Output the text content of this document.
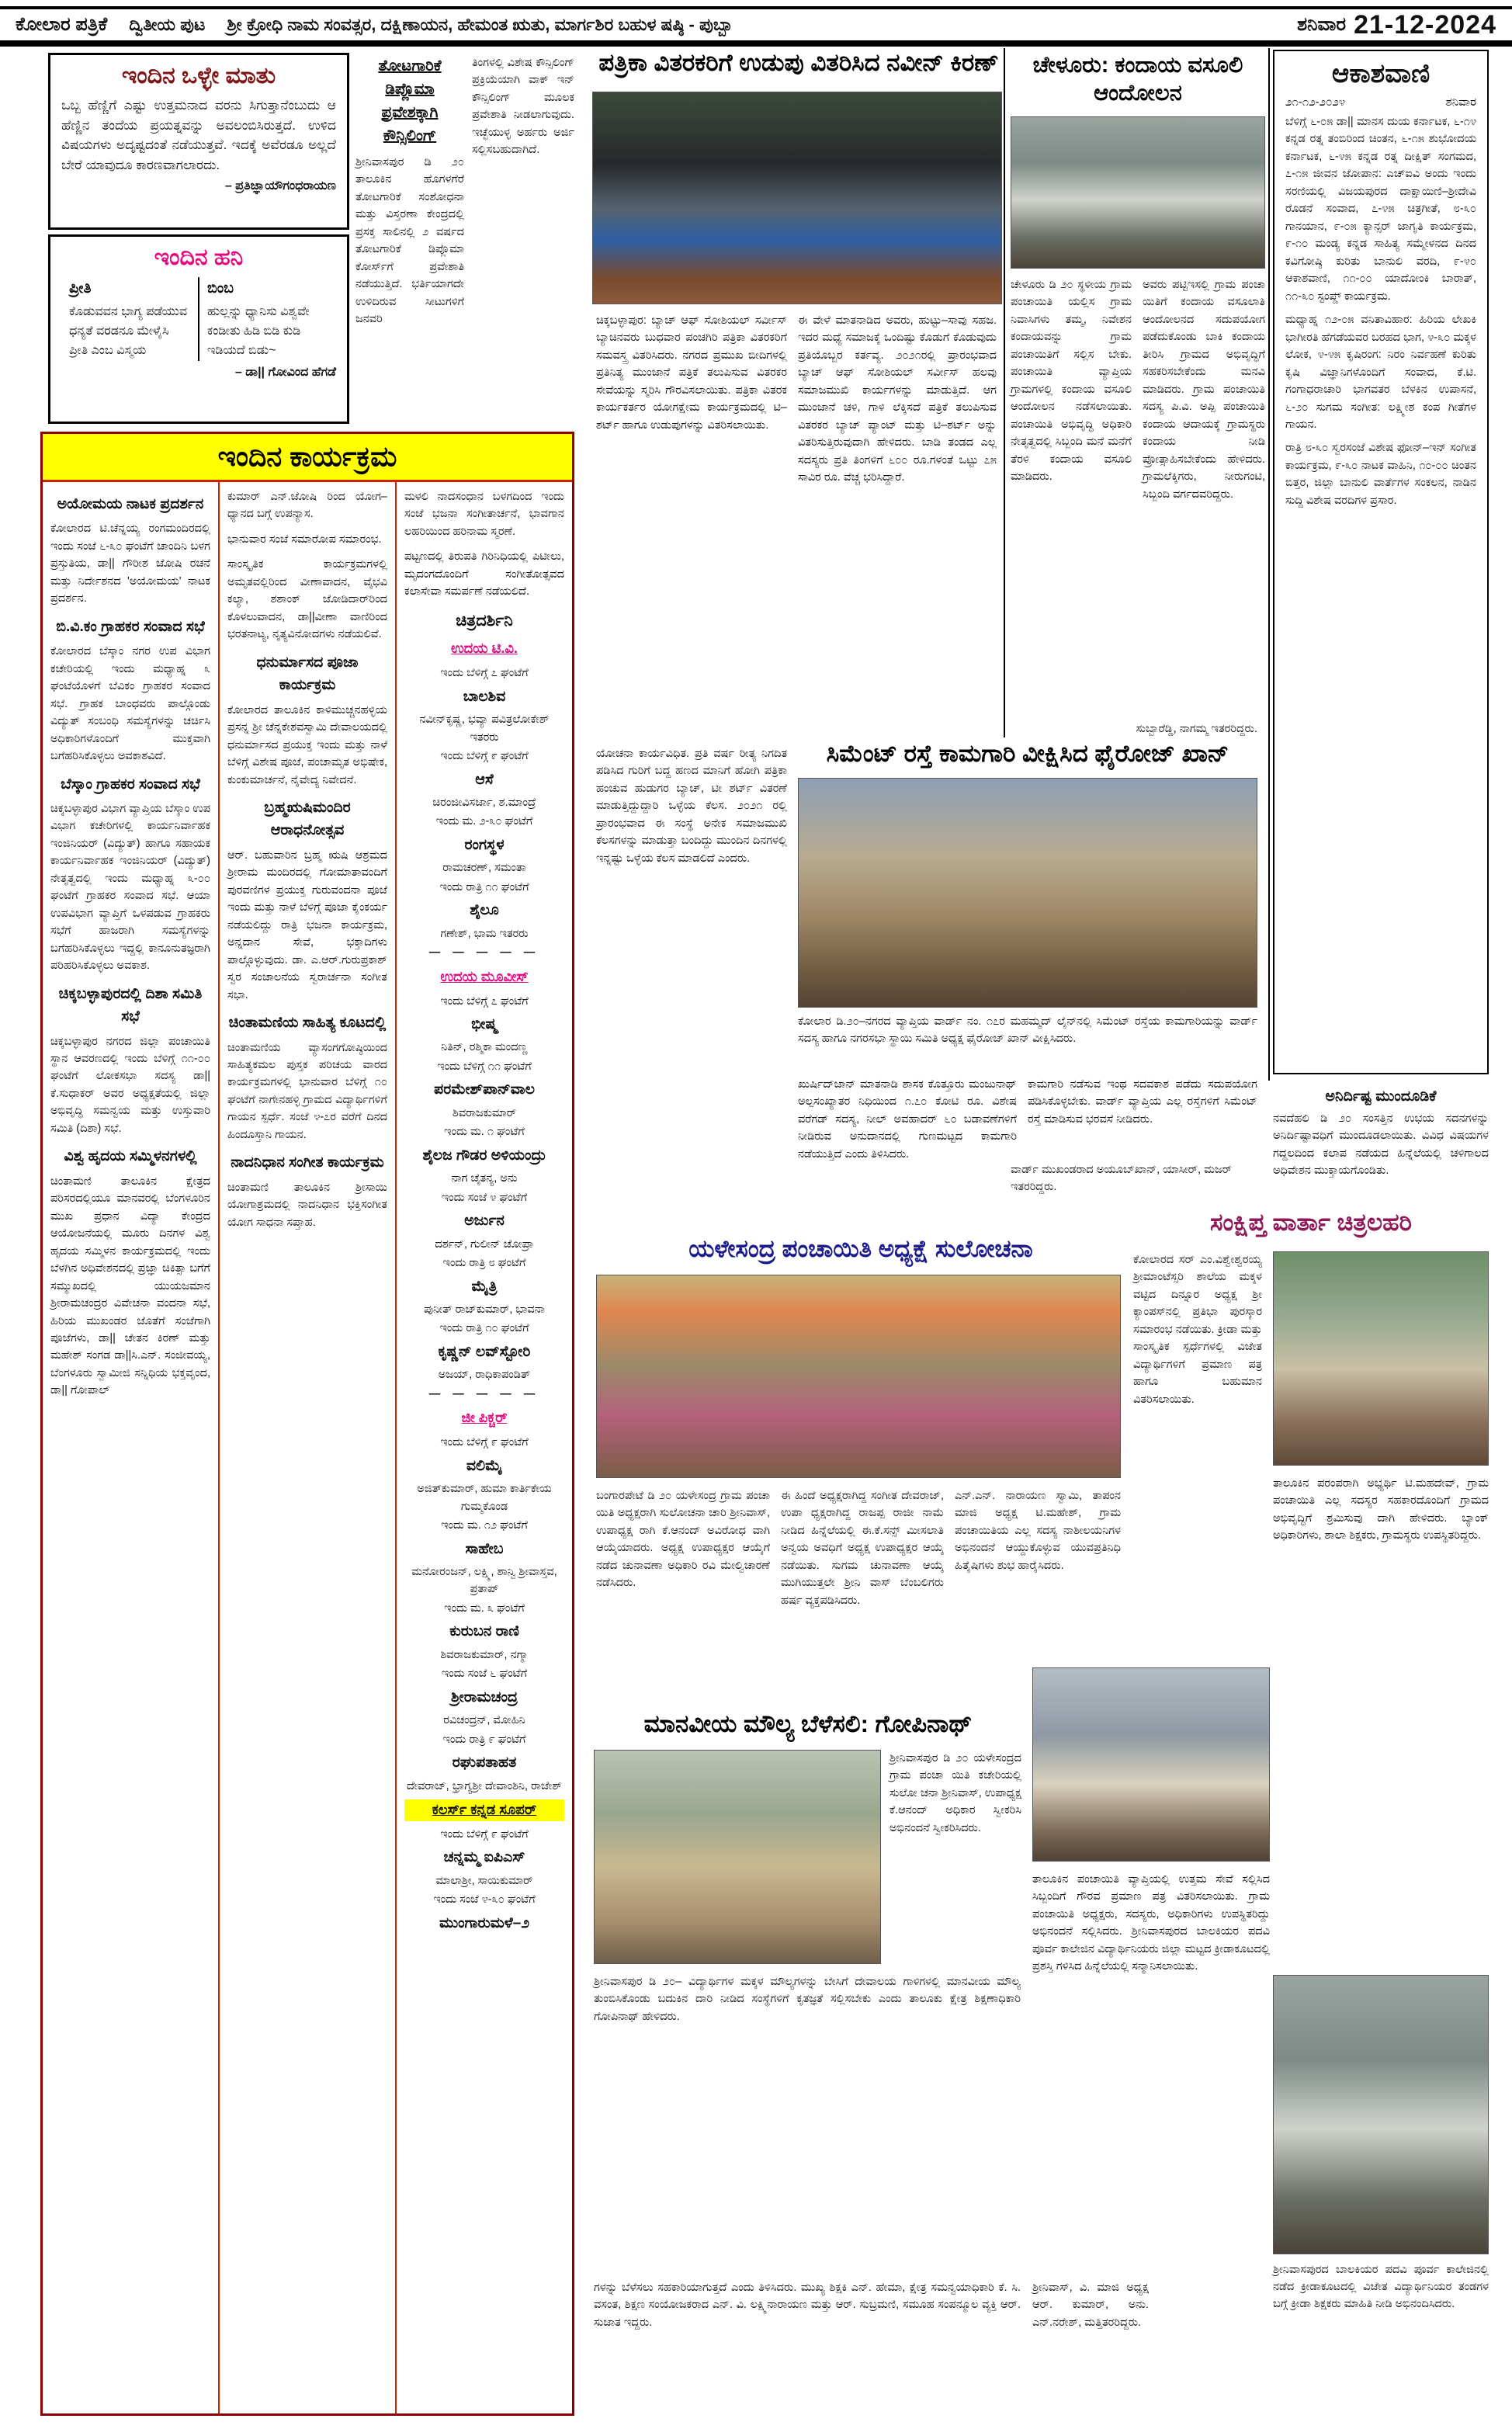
ಕೋಲಾರ ಪತ್ರಿಕೆ ದ್ವಿತೀಯ ಪುಟ ಶ್ರೀ ಕ್ರೋಧಿ ನಾಮ ಸಂವತ್ಸರ, ದಕ್ಷಿಣಾಯನ, ಹೇಮಂತ ಋತು, ಮಾರ್ಗಶಿರ ಬಹುಳ ಷಷ್ಠಿ - ಪುಬ್ಬಾ	ಶನಿವಾರ 21-12-2024
ಇಂದಿನ ಒಳ್ಳೇ ಮಾತು
ಒಬ್ಬ ಹೆಣ್ಣಿಗೆ ಎಷ್ಟು ಉತ್ತಮನಾದ ವರನು ಸಿಗುತ್ತಾನೆಂಬುದು ಆ ಹೆಣ್ಣಿನ ತಂದೆಯ ಪ್ರಯತ್ನವನ್ನು ಅವಲಂಬಿಸಿರುತ್ತದೆ. ಉಳಿದ ವಿಷಯಗಳು ಅದೃಷ್ಟದಂತೆ ನಡೆಯುತ್ತವೆ. ಇದಕ್ಕೆ ಅವೆರಡೂ ಅಲ್ಲದೆ ಬೇರೆ ಯಾವುದೂ ಕಾರಣವಾಗಲಾರದು.
– ಪ್ರತಿಜ್ಞಾಯೌಗಂಧರಾಯಣ
ಇಂದಿನ ಹನಿ
ಪ್ರೀತಿ
ಕೊಡುವವನ ಭಾಗ್ಯ ಪಡೆಯುವ ಧನ್ಯತೆ ವರಡನೂ ಮೇಳೈಸಿ ಪ್ರೀತಿ ಎಂಬ ವಿಸ್ಮಯ
ಬಿಂಬ
ಹುಲ್ಲನ್ನು ಧ್ಯಾನಿಸು ವಿಶ್ವವೇ ಕಂಡೀತು ಹಿಡಿ ಬಿಡಿ ಕುಡಿ ಇಡಿಯದೆ ಬಿಡು~
– ಡಾ|| ಗೋವಿಂದ ಹೆಗಡೆ
ತೋಟಗಾರಿಕೆ ಡಿಪ್ಲೊಮಾ ಪ್ರವೇಶಕ್ಕಾಗಿ ಕೌನ್ಸಿಲಿಂಗ್
ಶ್ರೀನಿವಾಸಪುರ ಡಿ ೨೦ ತಾಲೂಕಿನ ಹೊಗಳಗೆರೆ ತೋಟಗಾರಿಕೆ ಸಂಶೋಧನಾ ಮತ್ತು ವಿಸ್ತರಣಾ ಕೇಂದ್ರದಲ್ಲಿ ಪ್ರಸಕ್ತ ಸಾಲಿನಲ್ಲಿ ೨ ವರ್ಷದ ತೋಟಗಾರಿಕೆ ಡಿಪ್ಲೊಮಾ ಕೋರ್ಸ್‌ಗೆ ಪ್ರವೇಶಾತಿ ನಡೆಯುತ್ತಿದೆ. ಭರ್ತಿಯಾಗದೇ ಉಳಿದಿರುವ ಸೀಟುಗಳಿಗೆ ಜನವರಿ
ತಿಂಗಳಲ್ಲಿ ವಿಶೇಷ ಕೌನ್ಸಿಲಿಂಗ್ ಪ್ರಕ್ರಿಯೆಯಾಗಿ ವಾಕ್ ಇನ್ ಕೌನ್ಸಿಲಿಂಗ್ ಮೂಲಕ ಪ್ರವೇಶಾತಿ ನೀಡಲಾಗುವುದು. ಇಚ್ಛೆಯುಳ್ಳ ಅರ್ಹರು ಅರ್ಜಿ ಸಲ್ಲಿಸಬಹುದಾಗಿದೆ.
ಇಂದಿನ ಕಾರ್ಯಕ್ರಮ
ಅಯೋಮಯ ನಾಟಕ ಪ್ರದರ್ಶನ
ಕೋಲಾರದ ಟಿ.ಚೆನ್ನಯ್ಯ ರಂಗಮಂದಿರದಲ್ಲಿ ಇಂದು ಸಂಜೆ ೬-೩೦ ಘಂಟೆಗೆ ಚಾಂದಿನಿ ಬಳಗ ಪ್ರಸ್ತುತಿಯ, ಡಾ|| ಗೌರೀಶ ಜೋಷಿ ರಚನೆ ಮತ್ತು ನಿರ್ದೇಶನದ 'ಅಯೋಮಯ' ನಾಟಕ ಪ್ರದರ್ಶನ.
ಬಿ.ವಿ.ಕಂ ಗ್ರಾಹಕರ ಸಂವಾದ ಸಭೆ
ಕೋಲಾರದ ಬೆಸ್ಕಾಂ ನಗರ ಉಪ ವಿಭಾಗ ಕಚೇರಿಯಲ್ಲಿ ಇಂದು ಮಧ್ಯಾಹ್ನ ೩ ಘಂಟೆಯೊಳಗೆ ಬೆವಿಕಂ ಗ್ರಾಹಕರ ಸಂವಾದ ಸಭೆ. ಗ್ರಾಹಕ ಬಾಂಧವರು ಪಾಲ್ಗೊಂಡು ವಿದ್ಯುತ್ ಸಂಬಂಧಿ ಸಮಸ್ಯೆಗಳನ್ನು ಚರ್ಚಿಸಿ ಅಧಿಕಾರಿಗಳೊಂದಿಗೆ ಮುಕ್ತವಾಗಿ ಬಗೆಹರಿಸಿಕೊಳ್ಳಲು ಅವಕಾಶವಿದೆ.
ಬೆಸ್ಕಾಂ ಗ್ರಾಹಕರ ಸಂವಾದ ಸಭೆ
ಚಿಕ್ಕಬಳ್ಳಾಪುರ ವಿಭಾಗ ವ್ಯಾಪ್ತಿಯ ಬೆಸ್ಕಾಂ ಉಪ ವಿಭಾಗ ಕಚೇರಿಗಳಲ್ಲಿ ಕಾರ್ಯನಿರ್ವಾಹಕ ಇಂಜಿನಿಯರ್ (ವಿದ್ಯುತ್) ಹಾಗೂ ಸಹಾಯಕ ಕಾರ್ಯನಿರ್ವಾಹಕ ಇಂಜಿನಿಯರ್ (ವಿದ್ಯುತ್) ನೇತೃತ್ವದಲ್ಲಿ ಇಂದು ಮಧ್ಯಾಹ್ನ ೩-೦೦ ಘಂಟೆಗೆ ಗ್ರಾಹಕರ ಸಂವಾದ ಸಭೆ. ಆಯಾ ಉಪವಿಭಾಗ ವ್ಯಾಪ್ತಿಗೆ ಒಳಪಡುವ ಗ್ರಾಹಕರು ಸಭೆಗೆ ಹಾಜರಾಗಿ ಸಮಸ್ಯೆಗಳನ್ನು ಬಗೆಹರಿಸಿಕೊಳ್ಳಲು ಇದ್ದಲ್ಲಿ ಕಾನೂನುತಜ್ಞರಾಗಿ ಪರಿಹರಿಸಿಕೊಳ್ಳಲು ಅವಕಾಶ.
ಚಿಕ್ಕಬಳ್ಳಾಪುರದಲ್ಲಿ ದಿಶಾ ಸಮಿತಿ ಸಭೆ
ಚಿಕ್ಕಬಳ್ಳಾಪುರ ನಗರದ ಜಿಲ್ಲಾ ಪಂಚಾಯಿತಿ ಸ್ಥಾನ ಆವರಣದಲ್ಲಿ ಇಂದು ಬೆಳಿಗ್ಗೆ ೧೧-೦೦ ಘಂಟೆಗೆ ಲೋಕಸಭಾ ಸದಸ್ಯ ಡಾ|| ಕೆ.ಸುಧಾಕರ್ ಅವರ ಅಧ್ಯಕ್ಷತೆಯಲ್ಲಿ ಜಿಲ್ಲಾ ಅಭಿವೃದ್ಧಿ ಸಮನ್ವಯ ಮತ್ತು ಉಸ್ತುವಾರಿ ಸಮಿತಿ (ದಿಶಾ) ಸಭೆ.
ವಿಶ್ವ ಹೃದಯ ಸಮ್ಮಿಳನಗಳಲ್ಲಿ
ಚಿಂತಾಮಣಿ ತಾಲೂಕಿನ ಕ್ಷೇತ್ರದ ಪರಿಸರದಲ್ಲಿಯೂ ಮಾನವರಲ್ಲಿ ಬೆಂಗಳೂರಿನ ಮುಖ ಪ್ರಧಾನ ವಿದ್ಯಾ ಕೇಂದ್ರದ ಆಯೋಜನೆಯಲ್ಲಿ ಮೂರು ದಿನಗಳ ವಿಶ್ವ ಹೃದಯ ಸಮ್ಮಿಳನ ಕಾರ್ಯಕ್ರಮದಲ್ಲಿ ಇಂದು ಬೆಳಗಿನ ಅಧಿವೇಶನದಲ್ಲಿ ಪ್ರಜ್ಞಾ ಚಿಕಿತ್ಸಾ ಬಗೆಗೆ ಸಮ್ಮುಖದಲ್ಲಿ ಯುಯಜಮಾನ ಶ್ರೀರಾಮಚಂದ್ರರ ವಿವೇಚನಾ ವಂದನಾ ಸಭೆ, ಹಿರಿಯ ಮುಖಂಡರ ಜೊತೆಗೆ ಸಂಜೆಗಾಗಿ ಪೂಜೆಗಳು, ಡಾ|| ಚೇತನ ಕಿರಣ್ ಮತ್ತು ಮಹೇಶ್ ಸಂಗಡ ಡಾ||ಸಿ.ಎನ್. ಸಂಜೀವಯ್ಯ, ಬೆಂಗಳೂರು ಸ್ವಾಮೀಜಿ ಸನ್ನಿಧಿಯ ಭಕ್ತವೃಂದ, ಡಾ|| ಗೋಪಾಲ್
ಕುಮಾರ್ ಎನ್.ಜೋಷಿ ರಿಂದ ಯೋಗ–ಧ್ಯಾನದ ಬಗ್ಗೆ ಉಪನ್ಯಾಸ.
ಭಾನುವಾರ ಸಂಜೆ ಸಮಾರೋಪ ಸಮಾರಂಭ.
ಸಾಂಸ್ಕೃತಿಕ ಕಾರ್ಯಕ್ರಮಗಳಲ್ಲಿ ಅಮೃತವಲ್ಲಿರಿಂದ ವೀಣಾವಾದನ, ವೈಭವಿ ಕಲ್ಯಾ, ಶಶಾಂಕ್ ಜೋಡಿದಾರ್‌ರಿಂದ ಕೊಳಲುವಾದನ, ಡಾ||ವೀಣಾ ವಾಣಿರಿಂದ ಭರತನಾಟ್ಯ, ನೃತ್ಯವಿನೋದಗಳು ನಡೆಯಲಿವೆ.
ಧನುರ್ಮಾಸದ ಪೂಜಾ ಕಾರ್ಯಕ್ರಮ
ಕೋಲಾರದ ತಾಲೂಕಿನ ಕಾಳಿಮುಚ್ಚನಹಳ್ಳಿಯ ಪ್ರಸನ್ನ ಶ್ರೀ ಚೆನ್ನಕೇಶವಸ್ವಾಮಿ ದೇವಾಲಯದಲ್ಲಿ ಧನುರ್ಮಾಸದ ಪ್ರಯುಕ್ತ ಇಂದು ಮತ್ತು ನಾಳೆ ಬೆಳಿಗ್ಗೆ ವಿಶೇಷ ಪೂಜೆ, ಪಂಚಾಮೃತ ಅಭಿಷೇಕ, ಕುಂಕುಮಾರ್ಚನೆ, ನೈವೇದ್ಯ ನಿವೇದನೆ.
ಬ್ರಹ್ಮಋಷಿಮಂದಿರ ಆರಾಧನೋತ್ಸವ
ಆರ್. ಬಹುವಾರಿನ ಬ್ರಹ್ಮ ಋಷಿ ಆಶ್ರಮದ ಶ್ರೀರಾಮ ಮಂದಿರದಲ್ಲಿ ಗೋಮಾತಾವಂದಿಗೆ ಪುರವಣಿಗಳ ಪ್ರಯುಕ್ತ ಗುರುವಂದನಾ ಪೂಜೆ ಇಂದು ಮತ್ತು ನಾಳೆ ಬೆಳಿಗ್ಗೆ ಪೂಜಾ ಕೈಂಕರ್ಯ ನಡೆಯಲಿದ್ದು ರಾತ್ರಿ ಭಜನಾ ಕಾರ್ಯಕ್ರಮ, ಅನ್ನದಾನ ಸೇವೆ, ಭಕ್ತಾದಿಗಳು ಪಾಲ್ಗೊಳ್ಳುವುದು. ಡಾ. ಎ.ಆರ್.ಗುರುಪ್ರಕಾಶ್ ಸ್ವರ ಸಂಚಾಲನೆಯ ಸ್ವರಾರ್ಚನಾ ಸಂಗೀತ ಸಭಾ.
ಚಿಂತಾಮಣಿಯ ಸಾಹಿತ್ಯ ಕೂಟದಲ್ಲಿ
ಚಿಂತಾಮಣಿಯ ವ್ಯಾಸಂಗಗೋಷ್ಠಿಯಿಂದ ಸಾಹಿತ್ಯಕಮಲ ಪುಸ್ತಕ ಪರಿಚಯ ವಾರದ ಕಾರ್ಯಕ್ರಮಗಳಲ್ಲಿ ಭಾನುವಾರ ಬೆಳಿಗ್ಗೆ ೧೦ ಘಂಟೆಗೆ ನಾಗೇನಹಳ್ಳಿ ಗ್ರಾಮದ ವಿದ್ಯಾರ್ಥಿಗಳಿಗೆ ಗಾಯನ ಸ್ಪರ್ಧೆ. ಸಂಜೆ ೪-೭ರ ವರೆಗೆ ದಿನದ ಹಿಂದೂಸ್ತಾನಿ ಗಾಯನ.
ನಾದನಿಧಾನ ಸಂಗೀತ ಕಾರ್ಯಕ್ರಮ
ಚಿಂತಾಮಣಿ ತಾಲೂಕಿನ ಶ್ರೀಸಾಯಿ ಯೋಗಾಶ್ರಮದಲ್ಲಿ ನಾದನಿಧಾನ ಭಕ್ತಿಸಂಗೀತ ಯೋಗ ಸಾಧನಾ ಸಪ್ತಾಹ.
ಮಳಲಿ ನಾದಸಂಧಾನ ಬಳಗದಿಂದ ಇಂದು ಸಂಜೆ ಭಜನಾ ಸಂಗೀತಾರ್ಚನೆ, ಭಾವಗಾನ ಲಹರಿಯಿಂದ ಹರಿನಾಮ ಸ್ಮರಣೆ.
ಪಟ್ಟಣದಲ್ಲಿ ತಿರುಪತಿ ಗಿರಿನಿಧಿಯಲ್ಲಿ ಪಿಟೀಲು, ಮೃದಂಗದೊಂದಿಗೆ ಸಂಗೀತೋತ್ಸವದ ಕಲಾಸೇವಾ ಸಮರ್ಪಣೆ ನಡೆಯಲಿದೆ.
ಚಿತ್ರದರ್ಶಿನಿ
ಉದಯ ಟಿ.ವಿ.
ಇಂದು ಬೆಳಿಗ್ಗೆ ೭ ಘಂಟೆಗೆ
ಬಾಲಶಿವ
ನವೀನ್‌ಕೃಷ್ಣ, ಭವ್ಯಾ ಪವಿತ್ರಲೋಕೇಶ್ ಇತರರು
ಇಂದು ಬೆಳಿಗ್ಗೆ ೯ ಘಂಟೆಗೆ
ಆಸೆ
ಚಿರಂಜೀವಿಸರ್ಜಾ, ಶ.ಮಾಂದ್ರೆ
ಇಂದು ಮ. ೨-೩೦ ಘಂಟೆಗೆ
ರಂಗಸ್ಥಳ
ರಾಮಚರಣ್, ಸಮಂತಾ
ಇಂದು ರಾತ್ರಿ ೧೧ ಘಂಟೆಗೆ
ಶೈಲೂ
ಗಣೇಶ್, ಭಾಮ ಇತರರು
— — — — —
ಉದಯ ಮೂವೀಸ್
ಇಂದು ಬೆಳಿಗ್ಗೆ ೭ ಘಂಟೆಗೆ
ಭೀಷ್ಮ
ನಿತಿನ್, ರಶ್ಮಿಕಾ ಮಂದಣ್ಣ
ಇಂದು ಬೆಳಿಗ್ಗೆ ೧೧ ಘಂಟೆಗೆ
ಪರಮೇಶ್‌ಪಾನ್‌ವಾಲ
ಶಿವರಾಜಕುಮಾರ್
ಇಂದು ಮ. ೧ ಘಂಟೆಗೆ
ಶೈಲಜ ಗೌಡರ ಅಳಿಯಂದ್ರು
ನಾಗ ಚೈತನ್ಯ, ಅನು
ಇಂದು ಸಂಜೆ ೪ ಘಂಟೆಗೆ
ಅರ್ಜುನ
ದರ್ಶನ್, ಗುಲೀನ್ ಚೋಪ್ರಾ
ಇಂದು ರಾತ್ರಿ ೮ ಘಂಟೆಗೆ
ಮೈತ್ರಿ
ಪುನೀತ್ ರಾಜ್‌ಕುಮಾರ್, ಭಾವನಾ
ಇಂದು ರಾತ್ರಿ ೧೦ ಘಂಟೆಗೆ
ಕೃಷ್ಣನ್ ಲವ್‌ಸ್ಟೋರಿ
ಅಜಯ್, ರಾಧಿಕಾಪಂಡಿತ್
— — — — —
ಜೀ ಪಿಕ್ಚರ್
ಇಂದು ಬೆಳಿಗ್ಗೆ ೯ ಘಂಟೆಗೆ
ವಲಿಮೈ
ಅಜಿತ್‌ಕುಮಾರ್, ಹುಮಾ ಕಾರ್ತಿಕೇಯ ಗುಮ್ಮಕೊಂಡ
ಇಂದು ಮ. ೧೨ ಘಂಟೆಗೆ
ಸಾಹೇಬ
ಮನೋರಂಜನ್, ಲಕ್ಷ್ಮಿ, ಶಾನ್ವಿ ಶ್ರೀವಾಸ್ತವ, ಪ್ರತಾಪ್
ಇಂದು ಮ. ೩ ಘಂಟೆಗೆ
ಕುರುಬನ ರಾಣಿ
ಶಿವರಾಜಕುಮಾರ್, ನಗ್ಮಾ
ಇಂದು ಸಂಜೆ ೬ ಘಂಟೆಗೆ
ಶ್ರೀರಾಮಚಂದ್ರ
ರವಿಚಂದ್ರನ್, ಮೋಹಿನಿ
ಇಂದು ರಾತ್ರಿ ೯ ಘಂಟೆಗೆ
ರಘುಪತಾಹತ
ದೇವರಾಜ್, ಭ್ರಾಗ್ಯಶ್ರೀ ದೇವಾಂಶಿನಿ, ರಾಜೇಶ್
ಕಲರ್ಸ್ ಕನ್ನಡ ಸೂಪರ್
ಇಂದು ಬೆಳಿಗ್ಗೆ ೯ ಘಂಟೆಗೆ
ಚನ್ನಮ್ಮ ಐಪಿಎಸ್
ಮಾಲಾಶ್ರೀ, ಸಾಯಿಕುಮಾರ್
ಇಂದು ಸಂಜೆ ೪-೩೦ ಘಂಟೆಗೆ
ಮುಂಗಾರುಮಳೆ–೨
ಪತ್ರಿಕಾ ವಿತರಕರಿಗೆ ಉಡುಪು ವಿತರಿಸಿದ ನವೀನ್ ಕಿರಣ್
ಚಿಕ್ಕಬಳ್ಳಾಪುರ: ಬ್ಯಾಚ್ ಆಫ್ ಸೋಶಿಯಲ್ ಸರ್ವೀಸ್ ಬ್ಯಾಚಿನವರು ಬುಧವಾರ ಪಂಚಗಿರಿ ಪತ್ರಿಕಾ ವಿತರಕರಿಗೆ ಸಮವಸ್ತ್ರ ವಿತರಿಸಿದರು. ನಗರದ ಪ್ರಮುಖ ಬೀದಿಗಳಲ್ಲಿ ಪ್ರತಿನಿತ್ಯ ಮುಂಜಾನೆ ಪತ್ರಿಕೆ ತಲುಪಿಸುವ ವಿತರಕರ ಸೇವೆಯನ್ನು ಸ್ಮರಿಸಿ ಗೌರವಿಸಲಾಯಿತು. ಪತ್ರಿಕಾ ವಿತರಕ ಕಾರ್ಯಕರ್ತರ ಯೋಗಕ್ಷೇಮ ಕಾರ್ಯಕ್ರಮದಲ್ಲಿ ಟಿ–ಶರ್ಟ್ ಹಾಗೂ ಉಡುಪುಗಳನ್ನು ವಿತರಿಸಲಾಯಿತು.
ಈ ವೇಳೆ ಮಾತನಾಡಿದ ಅವರು, ಹುಟ್ಟು–ಸಾವು ಸಹಜ. ಇದರ ಮಧ್ಯೆ ಸಮಾಜಕ್ಕೆ ಒಂದಿಷ್ಟು ಕೊಡುಗೆ ಕೊಡುವುದು ಪ್ರತಿಯೊಬ್ಬರ ಕರ್ತವ್ಯ. ೨೦೨೧ರಲ್ಲಿ ಪ್ರಾರಂಭವಾದ ಬ್ಯಾಚ್ ಆಫ್ ಸೋಶಿಯಲ್ ಸರ್ವೀಸ್ ಹಲವು ಸಮಾಜಮುಖಿ ಕಾರ್ಯಗಳನ್ನು ಮಾಡುತ್ತಿದೆ. ಆಗ ಮುಂಜಾನೆ ಚಳಿ, ಗಾಳಿ ಲೆಕ್ಕಿಸದೆ ಪತ್ರಿಕೆ ತಲುಪಿಸುವ ವಿತರಕರ ಬ್ಯಾಚ್ ಪ್ಯಾಂಟ್ ಮತ್ತು ಟಿ–ಶರ್ಟ್ ಅನ್ನು ವಿತರಿಸುತ್ತಿರುವುದಾಗಿ ಹೇಳಿದರು. ಬಾಡಿ ತಂಡದ ಎಲ್ಲ ಸದಸ್ಯರು ಪ್ರತಿ ತಿಂಗಳಿಗೆ ೬೦೦ ರೂ.ಗಳಂತೆ ಒಟ್ಟು ೭೫ ಸಾವಿರ ರೂ. ವೆಚ್ಚ ಭರಿಸಿದ್ದಾರೆ.
ಚೇಳೂರು: ಕಂದಾಯ ವಸೂಲಿ ಆಂದೋಲನ
ಚೇಳೂರು ಡಿ ೨೦ ಸ್ಥಳೀಯ ಗ್ರಾಮ ಪಂಚಾಯಿತಿ ಯಲ್ಲಿಸ ಗ್ರಾಮ ನಿವಾಸಿಗಳು ತಮ್ಮ, ನಿವೇಶನ ಕಂದಾಯವನ್ನು ಗ್ರಾಮ ಪಂಚಾಯಿತಿಗೆ ಸಲ್ಲಿಸ ಬೇಕು. ಪಂಚಾಯಿತಿ ವ್ಯಾಪ್ತಿಯ ಗ್ರಾಮಗಳಲ್ಲಿ ಕಂದಾಯ ವಸೂಲಿ ಆಂದೋಲನ ನಡೆಸಲಾಯಿತು. ಪಂಚಾಯಿತಿ ಅಭಿವೃದ್ಧಿ ಅಧಿಕಾರಿ ನೇತೃತ್ವದಲ್ಲಿ ಸಿಬ್ಬಂದಿ ಮನೆ ಮನೆಗೆ ತೆರಳಿ ಕಂದಾಯ ವಸೂಲಿ ಮಾಡಿದರು.
ಅವರು ಪಟ್ಟಿಇಸಲ್ಲಿ ಗ್ರಾಮ ಪಂಚಾ ಯಿತಿಗೆ ಕಂದಾಯ ವಸೂಲಾತಿ ಆಂದೋಲನದ ಸದುಪಯೋಗ ಪಡೆದುಕೊಂಡು ಬಾಕಿ ಕಂದಾಯ ತೀರಿಸಿ ಗ್ರಾಮದ ಅಭಿವೃದ್ಧಿಗೆ ಸಹಕರಿಸಬೇಕೆಂದು ಮನವಿ ಮಾಡಿದರು. ಗ್ರಾಮ ಪಂಚಾಯಿತಿ ಸದಸ್ಯ ಪಿ.ವಿ. ಅಪ್ಪಿ ಪಂಚಾಯಿತಿ ಕಂದಾಯ ಆದಾಯಕ್ಕೆ ಗ್ರಾಮಸ್ಥರು ಕಂದಾಯ ನೀಡಿ ಪ್ರೋತ್ಸಾಹಿಸಬೇಕೆಂದು ಹೇಳಿದರು. ಗ್ರಾಮಲೆಕ್ಕಿಗರು, ನೀರುಗಂಟಿ, ಸಿಬ್ಬಂದಿ ವರ್ಗದವರಿದ್ದರು.
ವಾರ್ಡ್ ಮುಖಂಡರಾದ ಅಯೂಬ್‌ಖಾನ್, ಯಾಸೀರ್, ಮಜರ್ ಇತರರಿದ್ದರು.
ಆಕಾಶವಾಣಿ
೨೧-೧೨-೨೦೨೪	ಶನಿವಾರ
ಬೆಳಿಗ್ಗೆ ೬-೦೫ ಡಾ|| ಮಾನಸ ದುಯ ಕರ್ನಾಟಕ, ೬-೧೪ ಕನ್ನಡ ರತ್ನ ತಂಬಿರಿಂದ ಚಿಂತನ, ೬-೧೫ ಶುಭೋದಯ ಕರ್ನಾಟಕ, ೬-೪೫ ಕನ್ನಡ ರತ್ನ ದೀಕ್ಷಿತ್ ಸಂಗಮದ, ೭-೧೫ ಜೀವನ ಜೋಪಾನ: ಎಚ್‌ಐವಿ ಅಂದು ಇಂದು ಸರಣಿಯಲ್ಲಿ ವಿಜಯಪುರದ ದಾಕ್ಷಾಯಿಣಿ–ಶ್ರೀದೇವಿ ರೊಡನೆ ಸಂವಾದ, ೭-೪೫ ಚಿತ್ರಗೀತೆ, ೮-೩೦ ಗಾನಯಾನ, ೯-೦೫ ಕ್ಯಾನ್ಸರ್ ಜಾಗೃತಿ ಕಾರ್ಯಕ್ರಮ, ೯-೧೦ ಮಂಡ್ಯ ಕನ್ನಡ ಸಾಹಿತ್ಯ ಸಮ್ಮೇಳನದ ದಿನದ ಕವಿಗೋಷ್ಠಿ ಕುರಿತು ಬಾನುಲಿ ವರದಿ, ೯-೪೦ ಆಕಾಶವಾಣಿ, ೧೧-೦೦ ಯಾದೋಂಕಿ ಬಾರಾತ್, ೧೧-೩೦ ಸ್ಟಂಪ್ಡ್ ಕಾರ್ಯಕ್ರಮ.
ಮಧ್ಯಾಹ್ನ ೧೨-೦೫ ವನಿತಾವಿಹಾರ: ಹಿರಿಯ ಲೇಖಕಿ ಭಾಗೀರತಿ ಹೆಗಡೆಯವರ ಬರಹದ ಭಾಗ, ೪-೩೦ ಮಕ್ಕಳ ಲೋಕ, ೪-೪೫ ಕೃಷಿರಂಗ: ನಿರಂ ನಿರ್ವಹಣೆ ಕುರಿತು ಕೃಷಿ ವಿಜ್ಞಾನಿಗಳೊಂದಿಗೆ ಸಂವಾದ, ಕೆ.ಟಿ. ಗಂಗಾಧರಾಚಾರಿ ಭಾಗವತರ ಬೆಳಕಿನ ಉಪಾಸನೆ, ೬-೨೦ ಸುಗಮ ಸಂಗೀತ: ಲಕ್ಷ್ಮೀಶ ಕಂಪ ಗೀತೆಗಳ ಗಾಯನ.
ರಾತ್ರಿ ೮-೩೦ ಸ್ವರಸಂಜೆ ವಿಶೇಷ ಫೋನ್–ಇನ್ ಸಂಗೀತ ಕಾರ್ಯಕ್ರಮ, ೯-೩೦ ನಾಟಕ ವಾಹಿನಿ, ೧೦-೦೦ ಚಿಂತನ ಬಿತ್ತರ, ಜಿಲ್ಲಾ ಬಾನುಲಿ ವಾರ್ತೆಗಳ ಸಂಕಲನ, ನಾಡಿನ ಸುದ್ದಿ ವಿಶೇಷ ವರದಿಗಳ ಪ್ರಸಾರ.
ಅನಿರ್ದಿಷ್ಟ ಮುಂದೂಡಿಕೆ
ನವದೆಹಲಿ ಡಿ ೨೦ ಸಂಸತ್ತಿನ ಉಭಯ ಸದನಗಳನ್ನು ಅನಿರ್ದಿಷ್ಟಾವಧಿಗೆ ಮುಂದೂಡಲಾಯಿತು. ವಿವಿಧ ವಿಷಯಗಳ ಗದ್ದಲದಿಂದ ಕಲಾಪ ನಡೆಯದ ಹಿನ್ನೆಲೆಯಲ್ಲಿ ಚಳಿಗಾಲದ ಅಧಿವೇಶನ ಮುಕ್ತಾಯಗೊಂಡಿತು.
ಸುಬ್ಬಾರೆಡ್ಡಿ, ನಾಗಮ್ಮ ಇತರರಿದ್ದರು.
ಸಿಮೆಂಟ್ ರಸ್ತೆ ಕಾಮಗಾರಿ ವೀಕ್ಷಿಸಿದ ಫೈರೋಜ್ ಖಾನ್
ಯೋಚನಾ ಕಾರ್ಯವಿಧಿತ. ಪ್ರತಿ ವರ್ಷ ರೀತ್ಯ ನಿಗದಿತ ಪಡಿಸಿದ ಗುರಿಗೆ ಬದ್ದ ಹಣದ ಮಾನಿಗೆ ಹೋಗಿ ಪತ್ರಿಕಾ ಹಂಚುವ ಹುಡುಗರ ಬ್ಯಾಚ್, ಟೀ ಶರ್ಟ್ ವಿತರಣೆ ಮಾಡುತ್ತಿದ್ದುದ್ದಾರಿ ಒಳ್ಳೆಯ ಕೆಲಸ. ೨೦೨೧ ರಲ್ಲಿ ಪ್ರಾರಂಭವಾದ ಈ ಸಂಸ್ಥೆ ಅನೇಕ ಸಮಾಜಮುಖಿ ಕೆಲಸಗಳನ್ನು ಮಾಡುತ್ತಾ ಬಂದಿದ್ದು ಮುಂದಿನ ದಿನಗಳಲ್ಲಿ ಇನ್ನಷ್ಟು ಒಳ್ಳೆಯ ಕೆಲಸ ಮಾಡಲಿದೆ ಎಂದರು.
ಕೋಲಾರ ಡಿ.೨೦–ನಗರದ ವ್ಯಾಪ್ತಿಯ ವಾರ್ಡ್ ನಂ. ೧೭ರ ಮಹಮ್ಮದ್ ಲೈನ್‌ನಲ್ಲಿ ಸಿಮೆಂಟ್ ರಸ್ತೆಯ ಕಾಮಗಾರಿಯನ್ನು ವಾರ್ಡ್ ಸದಸ್ಯ ಹಾಗೂ ನಗರಸಭಾ ಸ್ಥಾಯಿ ಸಮಿತಿ ಅಧ್ಯಕ್ಷ ಫೈರೋಜ್ ಖಾನ್ ವೀಕ್ಷಿಸಿದರು.
ಖುರ್ಷಿದ್‌ಜಾನ್ ಮಾತನಾಡಿ ಶಾಸಕ ಕೊತ್ತೂರು ಮಂಜುನಾಥ್ ಅಲ್ಪಸಂಖ್ಯಾತರ ನಿಧಿಯಿಂದ ೧.೭೦ ಕೋಟಿ ರೂ. ವಿಶೇಷ ವರೆಗಡ್ ಸದಸ್ಯ, ನೀಲ್ ಅವಹಾದರ್ ೬೦ ಬಡಾವಣೆಗಳಿಗೆ ನೀಡಿರುವ ಅನುದಾನದಲ್ಲಿ ಗುಣಮಟ್ಟದ ಕಾಮಗಾರಿ ನಡೆಯುತ್ತಿದೆ ಎಂದು ತಿಳಿಸಿದರು.
ಕಾಮಗಾರಿ ನಡೆಸುವ ಇಂಥ ಸದವಕಾಶ ಪಡೆದು ಸದುಪಯೋಗ ಪಡಿಸಿಕೊಳ್ಳಬೇಕು. ವಾರ್ಡ್ ವ್ಯಾಪ್ತಿಯ ಎಲ್ಲ ರಸ್ತೆಗಳಿಗೆ ಸಿಮೆಂಟ್ ರಸ್ತೆ ಮಾಡಿಸುವ ಭರವಸೆ ನೀಡಿದರು.
ಯಳೇಸಂದ್ರ ಪಂಚಾಯಿತಿ ಅಧ್ಯಕ್ಷೆ ಸುಲೋಚನಾ
ಬಂಗಾರಪೇಟೆ ಡಿ ೨೦ ಯಳೇಸಂದ್ರ ಗ್ರಾಮ ಪಂಚಾ ಯಿತಿ ಅಧ್ಯಕ್ಷರಾಗಿ ಸುಲೋಚನಾ ಚಾರಿ ಶ್ರೀನಿವಾಸ್, ಉಪಾಧ್ಯಕ್ಷ ರಾಗಿ ಕೆ.ಆನಂದ್ ಅವಿರೋಧ ವಾಗಿ ಆಯ್ಕೆಯಾದರು. ಅಧ್ಯಕ್ಷ ಉಪಾಧ್ಯಕ್ಷರ ಆಯ್ಕೆಗೆ ನಡೆದ ಚುನಾವಣಾ ಅಧಿಕಾರಿ ರವಿ ಮೇಲ್ವಿಚಾರಣೆ ನಡೆಸಿದರು.
ಈ ಹಿಂದೆ ಅಧ್ಯಕ್ಷರಾಗಿದ್ದ ಸಂಗೀತ ದೇವರಾಜ್, ಉಪಾ ಧ್ಯಕ್ಷರಾಗಿದ್ದ ರಾಜಪ್ಪ ರಾಜೀ ನಾಮೆ ನೀಡಿದ ಹಿನ್ನೆಲೆಯಲ್ಲಿ ಈ.ಕೆ.ಸನ್ಸ್ ಮೀಸಲಾತಿ ಅನ್ವಯ ಅವಧಿಗೆ ಅಧ್ಯಕ್ಷ ಉಪಾಧ್ಯಕ್ಷರ ಆಯ್ಕೆ ನಡೆಯಿತು. ಸುಗಮ ಚುನಾವಣಾ ಆಯ್ಕೆ ಮುಗಿಯುತ್ತಲೇ ಶ್ರೀನಿ ವಾಸ್ ಬೆಂಬಲಿಗರು ಹರ್ಷ ವ್ಯಕ್ತಪಡಿಸಿದರು.
ಎನ್.ಎನ್. ನಾರಾಯಣ ಸ್ವಾಮಿ, ತಾಪಂನ ಮಾಜಿ ಅಧ್ಯಕ್ಷ ಟಿ.ಮಹೇಶ್, ಗ್ರಾಮ ಪಂಚಾಯಿತಿಯ ಎಲ್ಲ ಸದಸ್ಯ ನಾಶೀಲಯನಿಗಳ ಅಭಿನಂದನೆ ಆಯ್ದುಕೊಳ್ಳುವ ಯುವಪ್ರತಿನಿಧಿ ಹಿತೈಷಿಗಳು ಶುಭ ಹಾರೈಸಿದರು.
ಸಂಕ್ಷಿಪ್ತ ವಾರ್ತಾ ಚಿತ್ರಲಹರಿ
ಕೋಲಾರದ ಸರ್ ಎಂ.ವಿಶ್ವೇಶ್ವರಯ್ಯ ಶ್ರೀಮಾಂಟೆಸ್ಸರಿ ಶಾಲೆಯ ಮಕ್ಕಳ ವಟ್ಟಿದ ದಿನ್ನೂರ ಅಧ್ಯಕ್ಷ ಶ್ರೀ ಕ್ಯಾಂಪಸ್‌ನಲ್ಲಿ ಪ್ರತಿಭಾ ಪುರಸ್ಕಾರ ಸಮಾರಂಭ ನಡೆಯಿತು. ಕ್ರೀಡಾ ಮತ್ತು ಸಾಂಸ್ಕೃತಿಕ ಸ್ಪರ್ಧೆಗಳಲ್ಲಿ ವಿಜೇತ ವಿದ್ಯಾರ್ಥಿಗಳಿಗೆ ಪ್ರಮಾಣ ಪತ್ರ ಹಾಗೂ ಬಹುಮಾನ ವಿತರಿಸಲಾಯಿತು.
ತಾಲೂಕಿನ ಪರಂಪರಾಗಿ ಅಭ್ಯರ್ಥಿ ಟಿ.ಮಹದೇವ್, ಗ್ರಾಮ ಪಂಚಾಯಿತಿ ಎಲ್ಲ ಸದಸ್ಯರ ಸಹಕಾರದೊಂದಿಗೆ ಗ್ರಾಮದ ಅಭಿವೃದ್ಧಿಗೆ ಶ್ರಮಿಸುವು ದಾಗಿ ಹೇಳಿದರು. ಬ್ಯಾಂಕ್ ಅಧಿಕಾರಿಗಳು, ಶಾಲಾ ಶಿಕ್ಷಕರು, ಗ್ರಾಮಸ್ಥರು ಉಪಸ್ಥಿತರಿದ್ದರು.
ತಾಲೂಕಿನ ಪಂಚಾಯಿತಿ ವ್ಯಾಪ್ತಿಯಲ್ಲಿ ಉತ್ತಮ ಸೇವೆ ಸಲ್ಲಿಸಿದ ಸಿಬ್ಬಂದಿಗೆ ಗೌರವ ಪ್ರಮಾಣ ಪತ್ರ ವಿತರಿಸಲಾಯಿತು. ಗ್ರಾಮ ಪಂಚಾಯಿತಿ ಅಧ್ಯಕ್ಷರು, ಸದಸ್ಯರು, ಅಧಿಕಾರಿಗಳು ಉಪಸ್ಥಿತರಿದ್ದು ಅಭಿನಂದನೆ ಸಲ್ಲಿಸಿದರು. ಶ್ರೀನಿವಾಸಪುರದ ಬಾಲಕಿಯರ ಪದವಿ ಪೂರ್ವ ಕಾಲೇಜಿನ ವಿದ್ಯಾರ್ಥಿನಿಯರು ಜಿಲ್ಲಾ ಮಟ್ಟದ ಕ್ರೀಡಾಕೂಟದಲ್ಲಿ ಪ್ರಶಸ್ತಿ ಗಳಿಸಿದ ಹಿನ್ನೆಲೆಯಲ್ಲಿ ಸನ್ಮಾನಿಸಲಾಯಿತು.
ಮಾನವೀಯ ಮೌಲ್ಯ ಬೆಳೆಸಲಿ: ಗೋಪಿನಾಥ್
ಶ್ರೀನಿವಾಸಪುರ ಡಿ ೨೦ ಯಳೇಸಂದ್ರದ ಗ್ರಾಮ ಪಂಚಾ ಯಿತಿ ಕಚೇರಿಯಲ್ಲಿ ಸುಲೋ ಚನಾ ಶ್ರೀನಿವಾಸ್, ಉಪಾಧ್ಯಕ್ಷ ಕೆ.ಆನಂದ್ ಅಧಿಕಾರ ಸ್ವೀಕರಿಸಿ ಅಭಿನಂದನೆ ಸ್ವೀಕರಿಸಿದರು.
ಶ್ರೀನಿವಾಸಪುರ ಡಿ ೨೦– ವಿದ್ಯಾರ್ಥಿಗಳ ಮಕ್ಕಳ ಮೌಲ್ಯಗಳನ್ನು ಬೇಸಿಗೆ ದೇವಾಲಯ ಗಾಳಿಗಳಲ್ಲಿ ಮಾನವೀಯ ಮೌಲ್ಯ ತುಂಬಿಸಿಕೊಂಡು ಬದುಕಿನ ದಾರಿ ನೀಡಿದ ಸಂಸ್ಥೆಗಳಿಗೆ ಕೃತಜ್ಞತೆ ಸಲ್ಲಿಸಬೇಕು ಎಂದು ತಾಲೂಕು ಕ್ಷೇತ್ರ ಶಿಕ್ಷಣಾಧಿಕಾರಿ ಗೋಪಿನಾಥ್ ಹೇಳಿದರು.
ಗಳನ್ನು ಬೆಳೆಸಲು ಸಹಕಾರಿಯಾಗುತ್ತದೆ ಎಂದು ತಿಳಿಸಿದರು. ಮುಖ್ಯ ಶಿಕ್ಷಕಿ ಎನ್. ಹೇಮಾ, ಕ್ಷೇತ್ರ ಸಮನ್ವಯಾಧಿಕಾರಿ ಕೆ. ಸಿ. ವಸಂತ, ಶಿಕ್ಷಣ ಸಂಯೋಜಕರಾದ ಎನ್. ವಿ. ಲಕ್ಷ್ಮಿನಾರಾಯಣ ಮತ್ತು ಆರ್. ಸುಬ್ರಮಣಿ, ಸಮೂಹ ಸಂಪನ್ಮೂಲ ವ್ಯಕ್ತಿ ಆರ್. ಸುಜಾತ ಇದ್ದರು.
ಶ್ರೀನಿವಾಸ್, ವಿ. ಮಾಜಿ ಅಧ್ಯಕ್ಷ ಆರ್. ಕುಮಾರ್, ಅನು. ಎನ್.ನರೇಶ್, ಮತ್ತಿತರರಿದ್ದರು.
ಶ್ರೀನಿವಾಸಪುರದ ಬಾಲಕಿಯರ ಪದವಿ ಪೂರ್ವ ಕಾಲೇಜಿನಲ್ಲಿ ನಡೆದ ಕ್ರೀಡಾಕೂಟದಲ್ಲಿ ವಿಜೇತ ವಿದ್ಯಾರ್ಥಿನಿಯರ ತಂಡಗಳ ಬಗ್ಗೆ ಕ್ರೀಡಾ ಶಿಕ್ಷಕರು ಮಾಹಿತಿ ನೀಡಿ ಅಭಿನಂದಿಸಿದರು.
